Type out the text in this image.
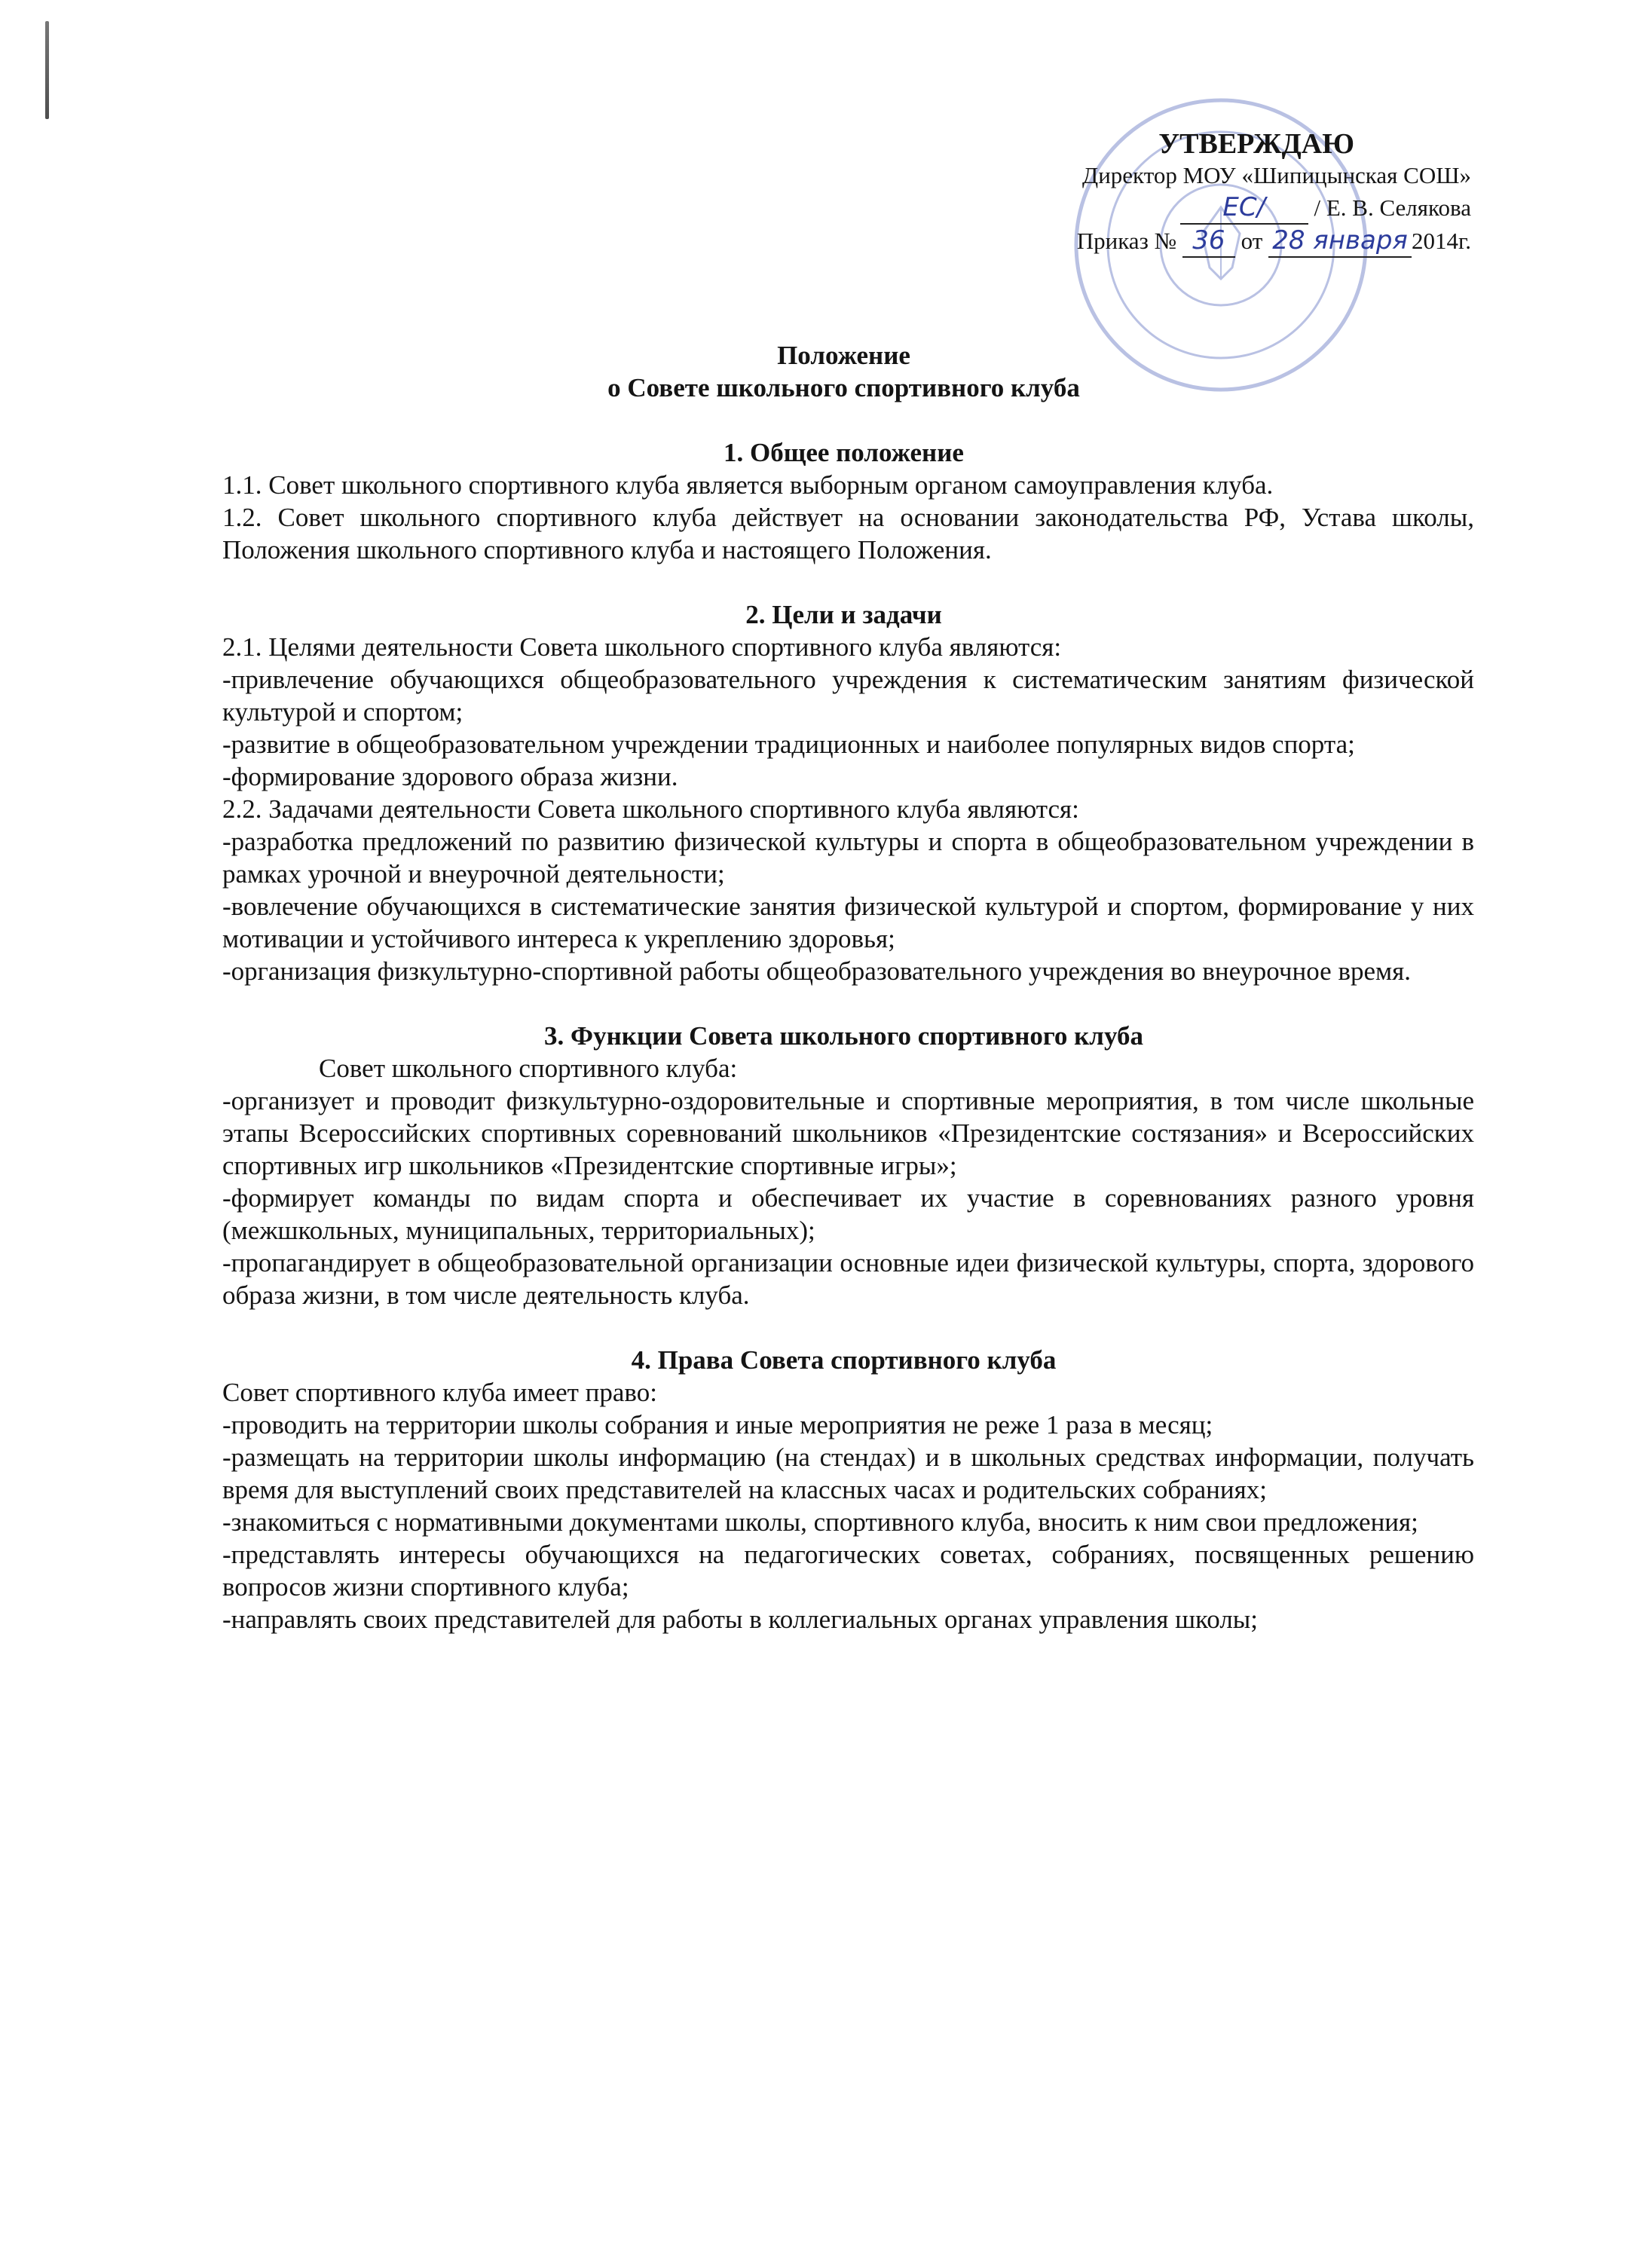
УТВЕРЖДАЮ
Директор МОУ «Шипицынская СОШ»
ЕС/ / Е. В. Селякова
Приказ № 36 от 28 января 2014г.

Положение

о Совете школьного спортивного клуба

1. Общее положение

1.1. Совет школьного спортивного клуба является выборным органом самоуправления клуба.

1.2. Совет школьного спортивного клуба действует на основании законодательства РФ, Устава школы, Положения школьного спортивного клуба и настоящего Положения.

2. Цели и задачи

2.1. Целями деятельности Совета школьного спортивного клуба являются:

-привлечение обучающихся общеобразовательного учреждения к систематическим занятиям физической культурой и спортом;

-развитие в общеобразовательном учреждении традиционных и наиболее популярных видов спорта;

-формирование здорового образа жизни.

2.2. Задачами деятельности Совета школьного спортивного клуба являются:

-разработка предложений по развитию физической культуры и спорта в общеобразовательном учреждении в рамках урочной и внеурочной деятельности;

-вовлечение обучающихся в систематические занятия физической культурой и спортом, формирование у них мотивации и устойчивого интереса к укреплению здоровья;

-организация физкультурно-спортивной работы общеобразовательного учреждения во внеурочное время.

3. Функции Совета школьного спортивного клуба

Совет школьного спортивного клуба:

-организует и проводит физкультурно-оздоровительные и спортивные мероприятия, в том числе школьные этапы Всероссийских спортивных соревнований школьников «Президентские состязания» и Всероссийских спортивных игр школьников «Президентские спортивные игры»;

-формирует команды по видам спорта и обеспечивает их участие в соревнованиях разного уровня (межшкольных, муниципальных, территориальных);

-пропагандирует в общеобразовательной организации основные идеи физической культуры, спорта, здорового образа жизни, в том числе деятельность клуба.

4. Права Совета спортивного клуба

Совет спортивного клуба имеет право:

-проводить на территории школы собрания и иные мероприятия не реже 1 раза в месяц;

-размещать на территории школы информацию (на стендах) и в школьных средствах информации, получать время для выступлений своих представителей на классных часах и родительских собраниях;

-знакомиться с нормативными документами школы, спортивного клуба, вносить к ним свои предложения;

-представлять интересы обучающихся на педагогических советах, собраниях, посвященных решению вопросов жизни спортивного клуба;

-направлять своих представителей для работы в коллегиальных органах управления школы;
